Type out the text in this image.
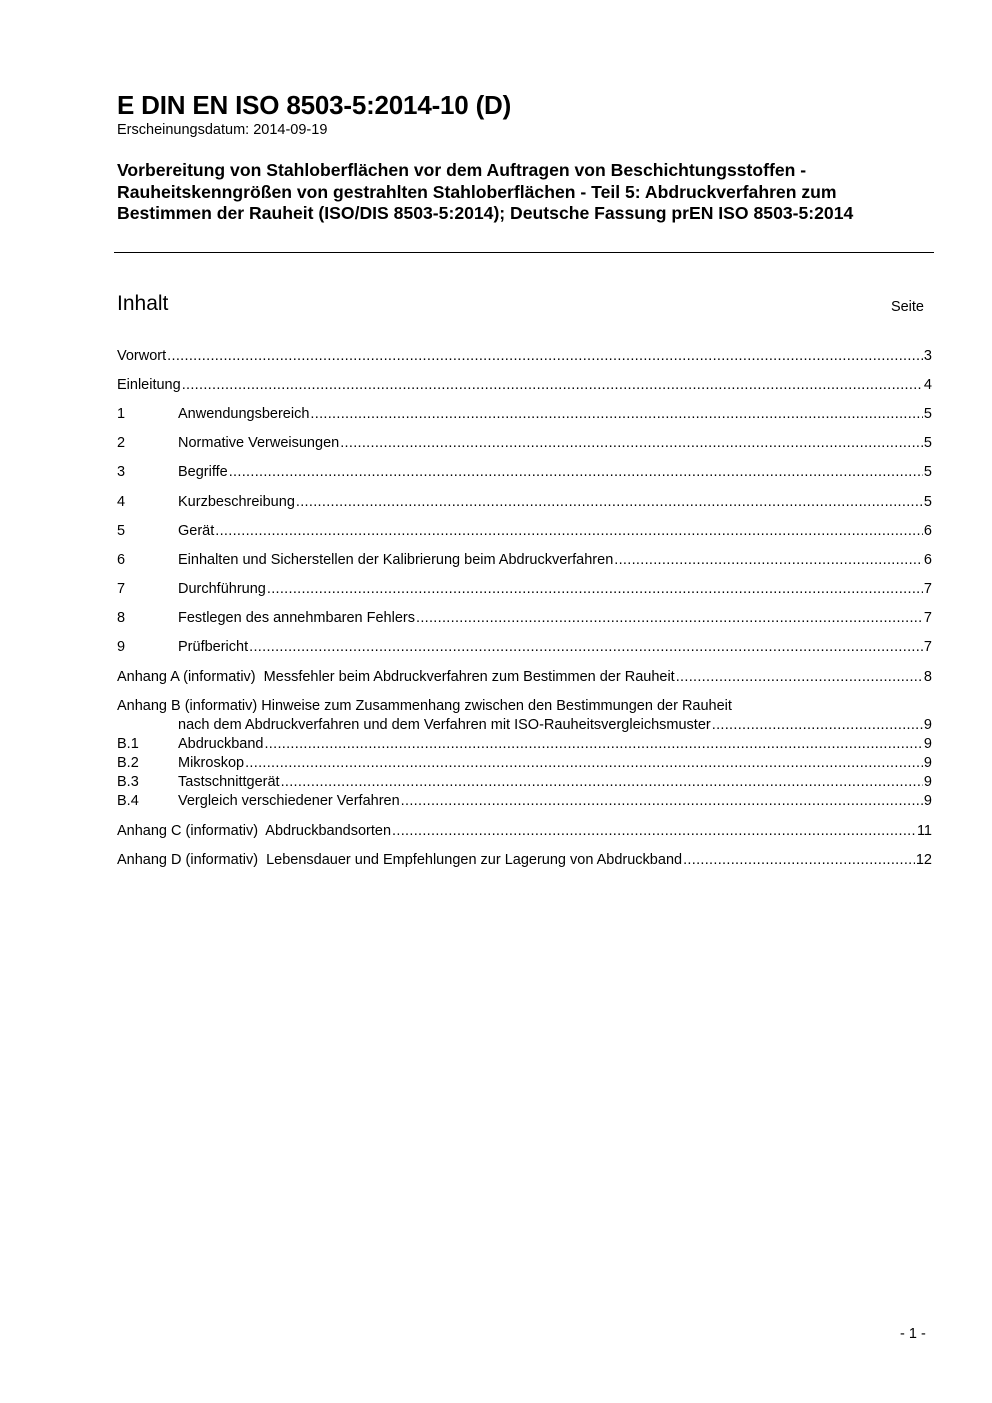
E DIN EN ISO 8503-5:2014-10 (D)
Erscheinungsdatum: 2014-09-19
Vorbereitung von Stahloberflächen vor dem Auftragen von Beschichtungsstoffen - Rauheitskenngrößen von gestrahlten Stahloberflächen - Teil 5: Abdruckverfahren zum Bestimmen der Rauheit (ISO/DIS 8503-5:2014); Deutsche Fassung prEN ISO 8503-5:2014
Inhalt	Seite
Vorwort .....	3
Einleitung .....	4
1	Anwendungsbereich .....	5
2	Normative Verweisungen .....	5
3	Begriffe .....	5
4	Kurzbeschreibung .....	5
5	Gerät .....	6
6	Einhalten und Sicherstellen der Kalibrierung beim Abdruckverfahren .....	6
7	Durchführung .....	7
8	Festlegen des annehmbaren Fehlers .....	7
9	Prüfbericht .....	7
Anhang A (informativ)  Messfehler beim Abdruckverfahren zum Bestimmen der Rauheit .....	8
Anhang B (informativ) Hinweise zum Zusammenhang zwischen den Bestimmungen der Rauheit
nach dem Abdruckverfahren und dem Verfahren mit ISO-Rauheitsvergleichsmuster .....	9
B.1	Abdruckband .....	9
B.2	Mikroskop .....	9
B.3	Tastschnittgerät .....	9
B.4	Vergleich verschiedener Verfahren .....	9
Anhang C (informativ)  Abdruckbandsorten .....	11
Anhang D (informativ)  Lebensdauer und Empfehlungen zur Lagerung von Abdruckband .....	12
- 1 -
